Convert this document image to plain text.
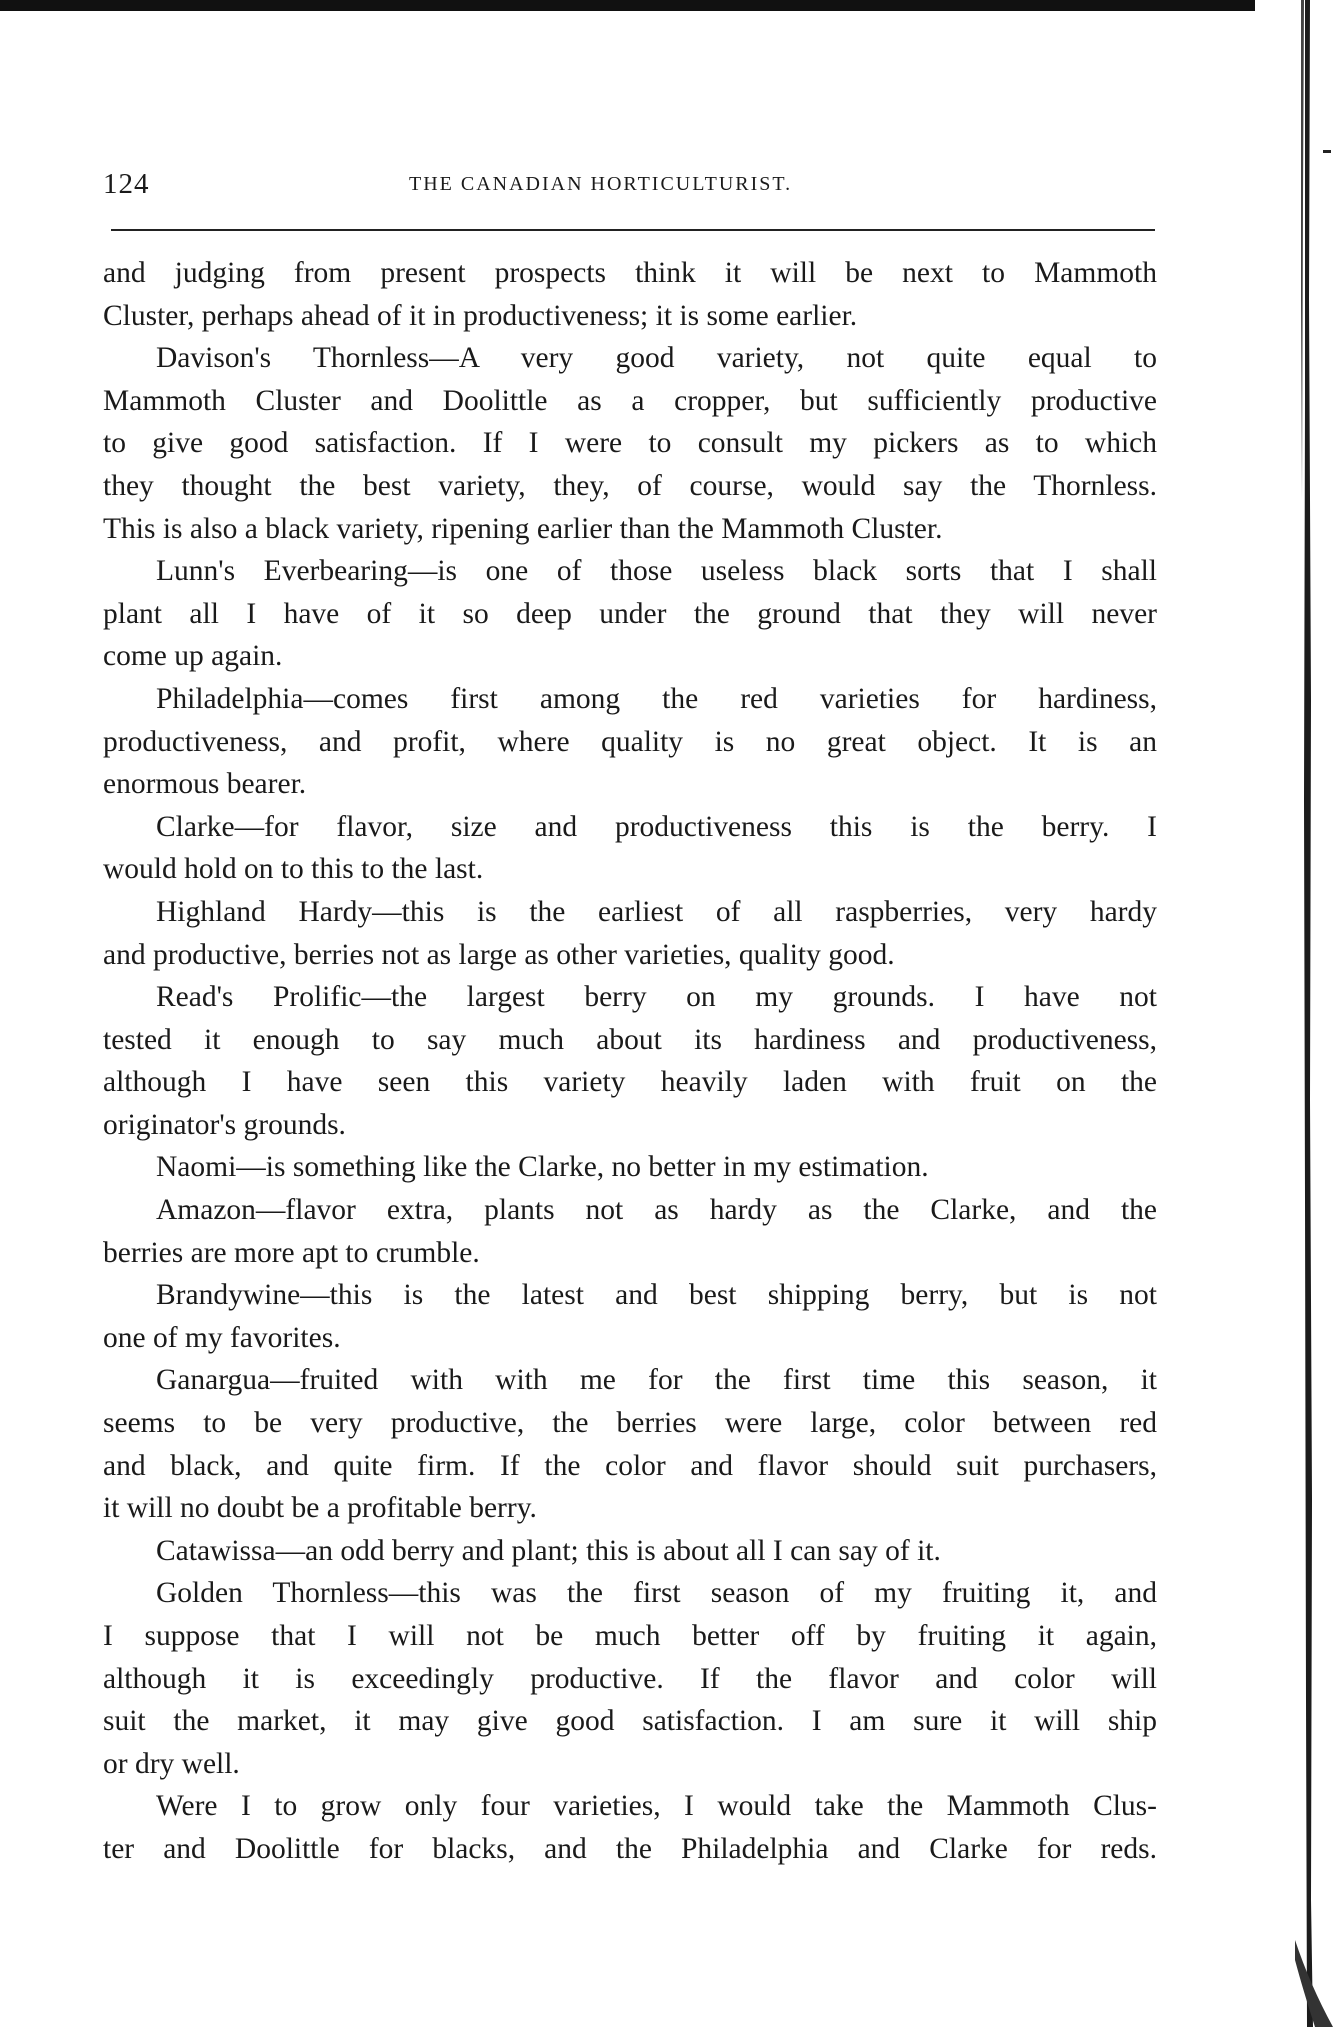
124	THE CANADIAN HORTICULTURIST.
and judging from present prospects think it will be next to Mammoth
Cluster, perhaps ahead of it in productiveness; it is some earlier.
Davison's Thornless—A very good variety, not quite equal to
Mammoth Cluster and Doolittle as a cropper, but sufficiently productive
to give good satisfaction. If I were to consult my pickers as to which
they thought the best variety, they, of course, would say the Thornless.
This is also a black variety, ripening earlier than the Mammoth Cluster.
Lunn's Everbearing—is one of those useless black sorts that I shall
plant all I have of it so deep under the ground that they will never
come up again.
Philadelphia—comes first among the red varieties for hardiness,
productiveness, and profit, where quality is no great object. It is an
enormous bearer.
Clarke—for flavor, size and productiveness this is the berry. I
would hold on to this to the last.
Highland Hardy—this is the earliest of all raspberries, very hardy
and productive, berries not as large as other varieties, quality good.
Read's Prolific—the largest berry on my grounds. I have not
tested it enough to say much about its hardiness and productiveness,
although I have seen this variety heavily laden with fruit on the
originator's grounds.
Naomi—is something like the Clarke, no better in my estimation.
Amazon—flavor extra, plants not as hardy as the Clarke, and the
berries are more apt to crumble.
Brandywine—this is the latest and best shipping berry, but is not
one of my favorites.
Ganargua—fruited with with me for the first time this season, it
seems to be very productive, the berries were large, color between red
and black, and quite firm. If the color and flavor should suit purchasers,
it will no doubt be a profitable berry.
Catawissa—an odd berry and plant; this is about all I can say of it.
Golden Thornless—this was the first season of my fruiting it, and
I suppose that I will not be much better off by fruiting it again,
although it is exceedingly productive. If the flavor and color will
suit the market, it may give good satisfaction. I am sure it will ship
or dry well.
Were I to grow only four varieties, I would take the Mammoth Clus-
ter and Doolittle for blacks, and the Philadelphia and Clarke for reds.
